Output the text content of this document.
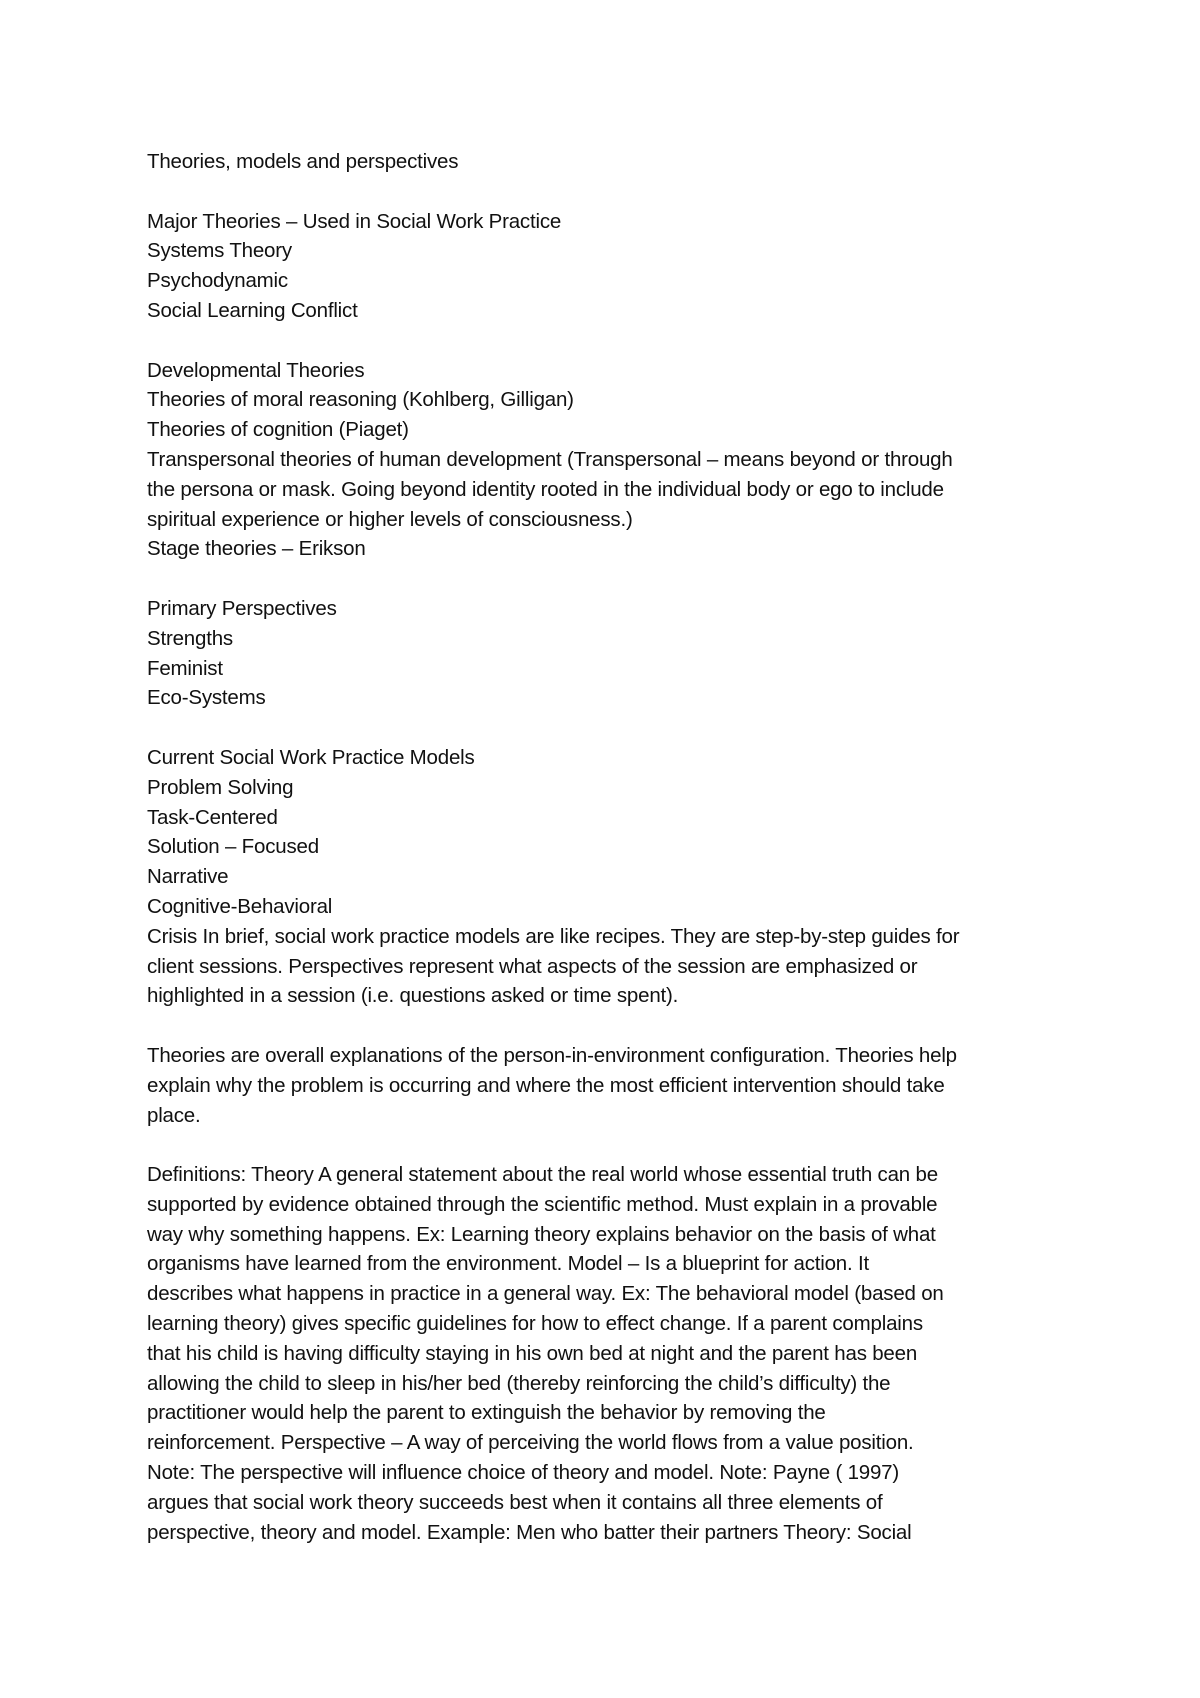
Theories, models and perspectives
Major Theories – Used in Social Work Practice
Systems Theory
Psychodynamic
Social Learning Conflict
Developmental Theories
Theories of moral reasoning (Kohlberg, Gilligan)
Theories of cognition (Piaget)
Transpersonal theories of human development (Transpersonal – means beyond or through
the persona or mask. Going beyond identity rooted in the individual body or ego to include
spiritual experience or higher levels of consciousness.)
Stage theories – Erikson
Primary Perspectives
Strengths
Feminist
Eco-Systems
Current Social Work Practice Models
Problem Solving
Task-Centered
Solution – Focused
Narrative
Cognitive-Behavioral
Crisis In brief, social work practice models are like recipes. They are step-by-step guides for
client sessions. Perspectives represent what aspects of the session are emphasized or
highlighted in a session (i.e. questions asked or time spent).
Theories are overall explanations of the person-in-environment configuration. Theories help
explain why the problem is occurring and where the most efficient intervention should take
place.
Definitions: Theory A general statement about the real world whose essential truth can be
supported by evidence obtained through the scientific method. Must explain in a provable
way why something happens. Ex: Learning theory explains behavior on the basis of what
organisms have learned from the environment. Model – Is a blueprint for action. It
describes what happens in practice in a general way. Ex: The behavioral model (based on
learning theory) gives specific guidelines for how to effect change. If a parent complains
that his child is having difficulty staying in his own bed at night and the parent has been
allowing the child to sleep in his/her bed (thereby reinforcing the child’s difficulty) the
practitioner would help the parent to extinguish the behavior by removing the
reinforcement. Perspective – A way of perceiving the world flows from a value position.
Note: The perspective will influence choice of theory and model. Note: Payne ( 1997)
argues that social work theory succeeds best when it contains all three elements of
perspective, theory and model. Example: Men who batter their partners Theory: Social
